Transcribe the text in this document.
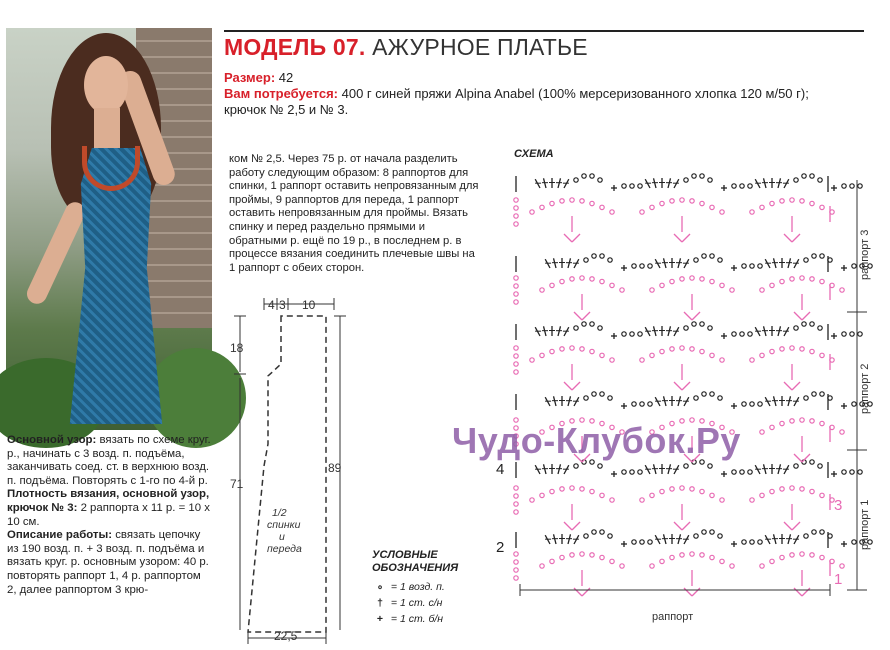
Основной узор: вязать по схеме круг. р., начинать с 3 возд. п. подъёма, заканчивать соед. ст. в верхнюю возд. п. подъёма. Повторять с 1-го по 4-й р.
Плотность вязания, основной узор, крючок № 3: 2 раппорта х 11 р. = 10 х 10 см.
Описание работы: связать цепочку из 190 возд. п. + 3 возд. п. подъёма и вязать круг. р. основным узором: 40 р. повторять раппорт 1, 4 р. раппортом 2, далее раппортом 3 крю-
МОДЕЛЬ 07. АЖУРНОЕ ПЛАТЬЕ
Размер: 42
Вам потребуется: 400 г синей пряжи Alpina Anabel (100% мерсеризованного хлопка 120 м/50 г); крючок № 2,5 и № 3.
ком № 2,5. Через 75 р. от начала разделить работу следующим образом: 8 раппортов для спинки, 1 раппорт оставить непровязанным для проймы, 9 раппортов для переда, 1 раппорт оставить непровязанным для проймы. Вязать спинку и перед раздельно прямыми и обратными р. ещё по 19 р., в последнем р. в процессе вязания соединить плечевые швы на 1 раппорт с обеих сторон.
4 3 10
18
71
89
22,5
1/2
спинки
и
переда	УСЛОВНЫЕ
ОБОЗНАЧЕНИЯ
∘ = 1 возд. п.
† = 1 ст. с/н
+ = 1 ст. б/н
СХЕМА
раппорт
раппорт 3
раппорт 2
раппорт 1
2
4
1
3
Чудо-Клубок.Ру
